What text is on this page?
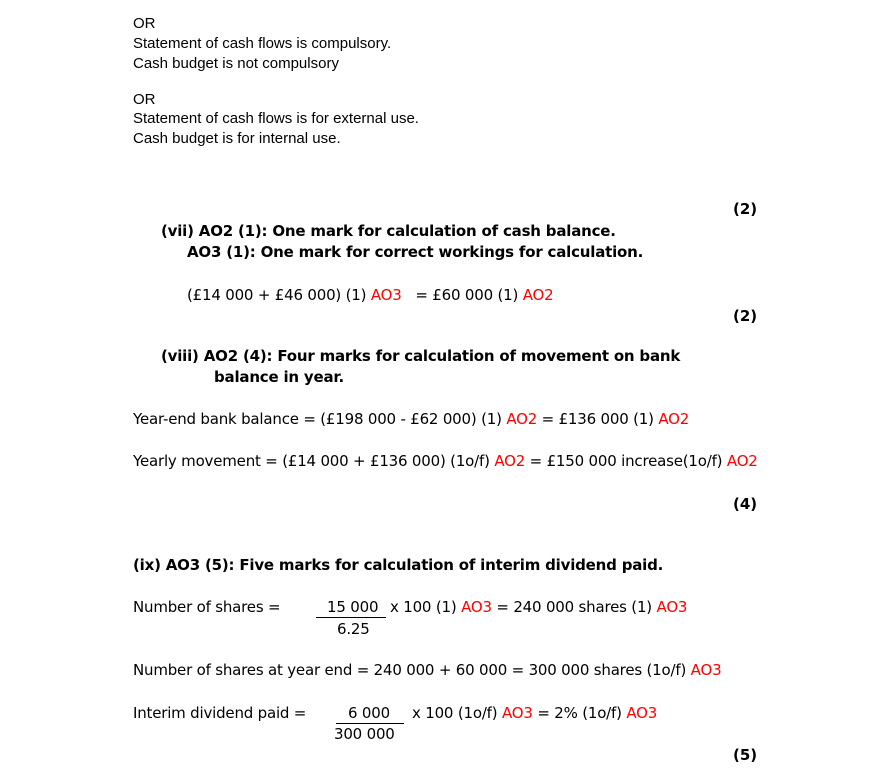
OR
Statement of cash flows is compulsory.
Cash budget is not compulsory
OR
Statement of cash flows is for external use.
Cash budget is for internal use.
(2)
(vii) AO2 (1): One mark for calculation of cash balance.
AO3 (1): One mark for correct workings for calculation.
(£14 000 + £46 000) (1) AO3 = £60 000 (1) AO2
(2)
(viii) AO2 (4): Four marks for calculation of movement on bank
balance in year.
Year-end bank balance = (£198 000 - £62 000) (1) AO2 = £136 000 (1) AO2
Yearly movement = (£14 000 + £136 000) (1o/f) AO2 = £150 000 increase(1o/f) AO2
(4)
(ix) AO3 (5): Five marks for calculation of interim dividend paid.
Number of shares =	15 000
6.25
x 100 (1) AO3 = 240 000 shares (1) AO3
Number of shares at year end = 240 000 + 60 000 = 300 000 shares (1o/f) AO3
Interim dividend paid =	6 000
300 000
x 100 (1o/f) AO3 = 2% (1o/f) AO3
(5)
